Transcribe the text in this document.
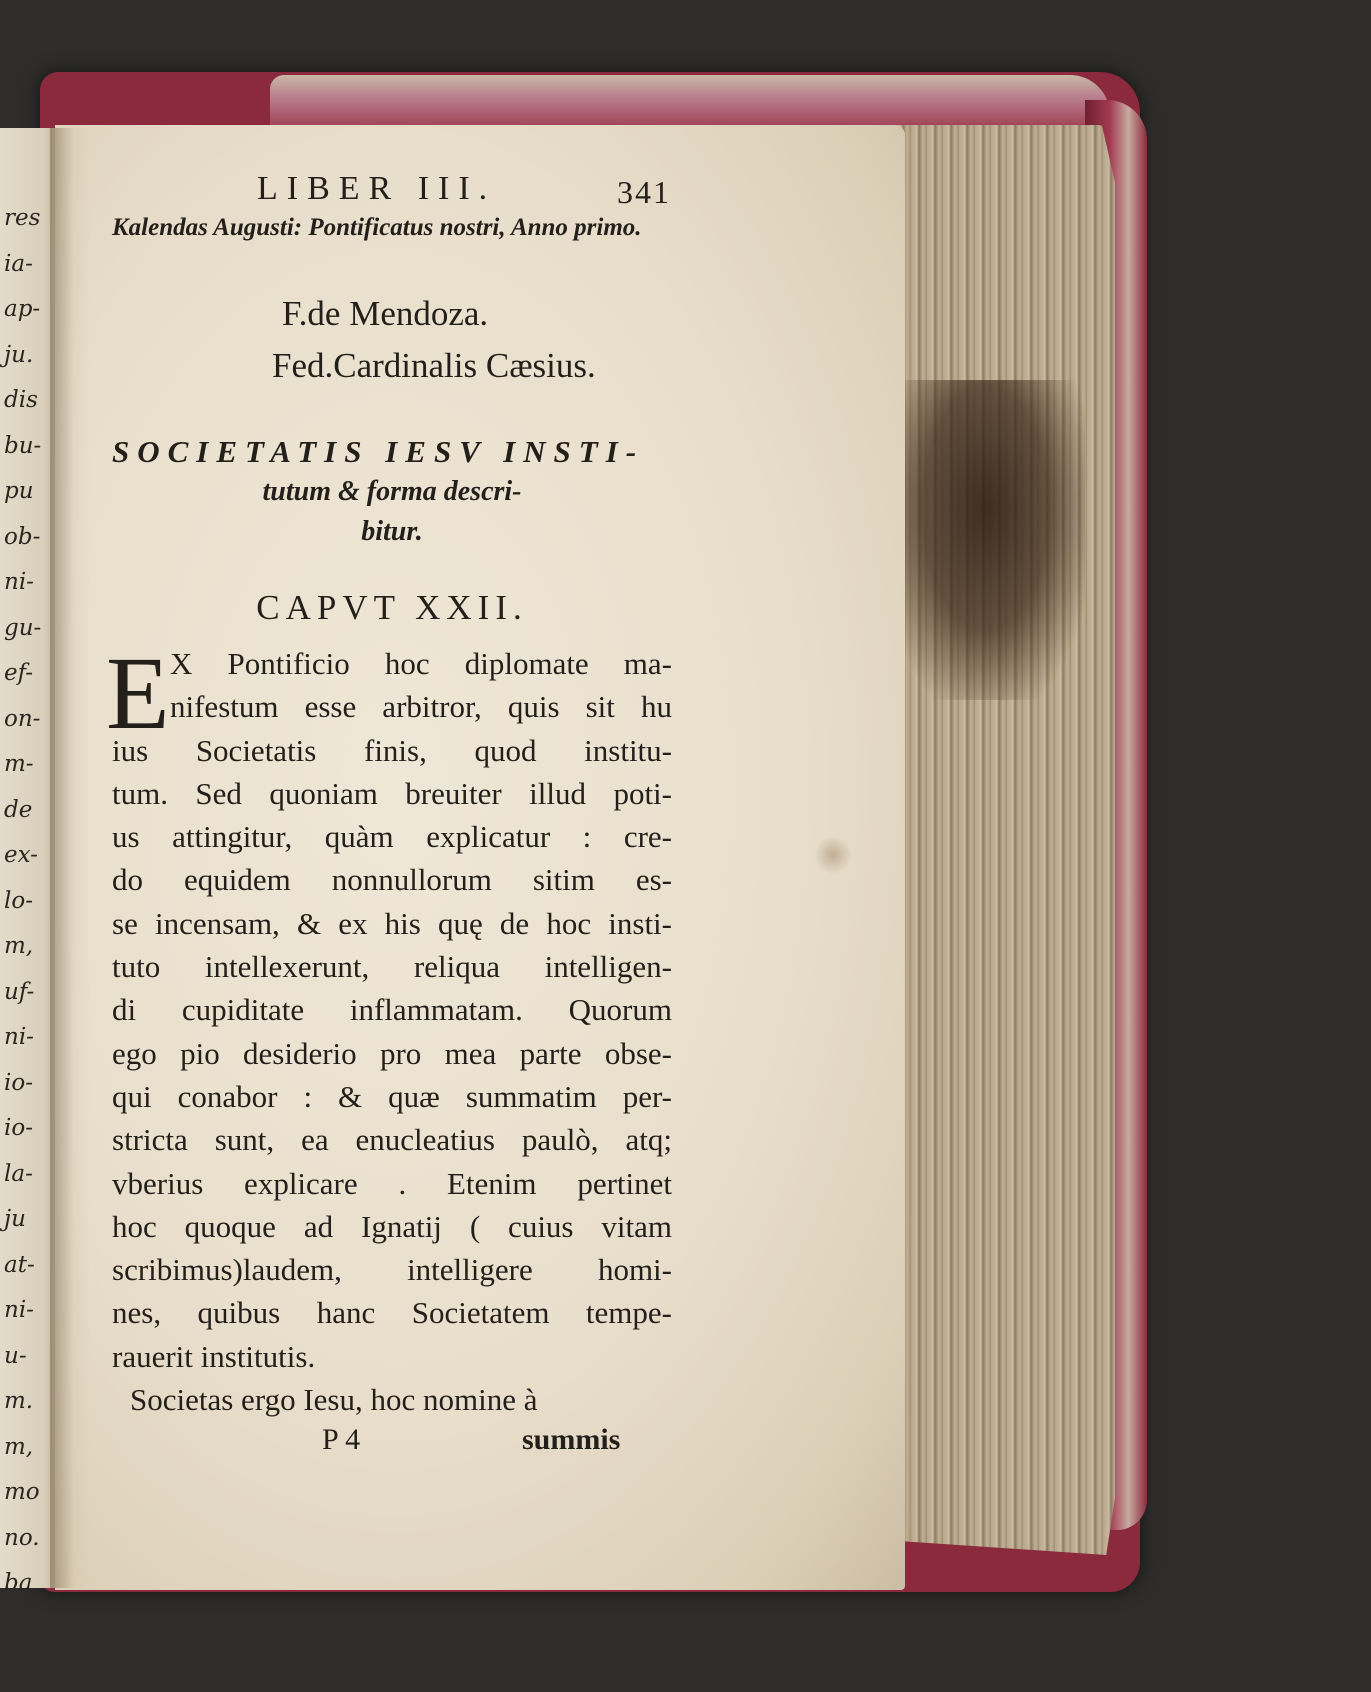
res
ia-
ap-
ju.
dis
bu-
pu
ob-
ni-
gu-
ef-
on-
m-
de
ex-
lo-
m,
uf-
ni-
io-
io-
la-
ju
at-
ni-
u-
m.
m,
mo
no.
ba
LIBER III.	341

Kalendas Augusti: Pontificatus nostri, Anno primo.

F.de Mendoza.
Fed.Cardinalis Cæsius.
SOCIETATIS IESV INSTI-
tutum & forma descri-
bitur.
CAPVT XXII.
E X Pontificio hoc diplomate ma-
nifestum esse arbitror, quis sit hu
ius Societatis finis, quod institu-
tum. Sed quoniam breuiter illud poti-
us attingitur, quàm explicatur : cre-
do equidem nonnullorum sitim es-
se incensam, & ex his quę de hoc insti-
tuto intellexerunt, reliqua intelligen-
di cupiditate inflammatam. Quorum
ego pio desiderio pro mea parte obse-
qui conabor : & quæ summatim per-
stricta sunt, ea enucleatius paulò, atq;
vberius explicare . Etenim pertinet
hoc quoque ad Ignatij ( cuius vitam
scribimus)laudem, intelligere homi-
nes, quibus hanc Societatem tempe-
rauerit institutis.
Societas ergo Iesu, hoc nomine à
P 4	summis
